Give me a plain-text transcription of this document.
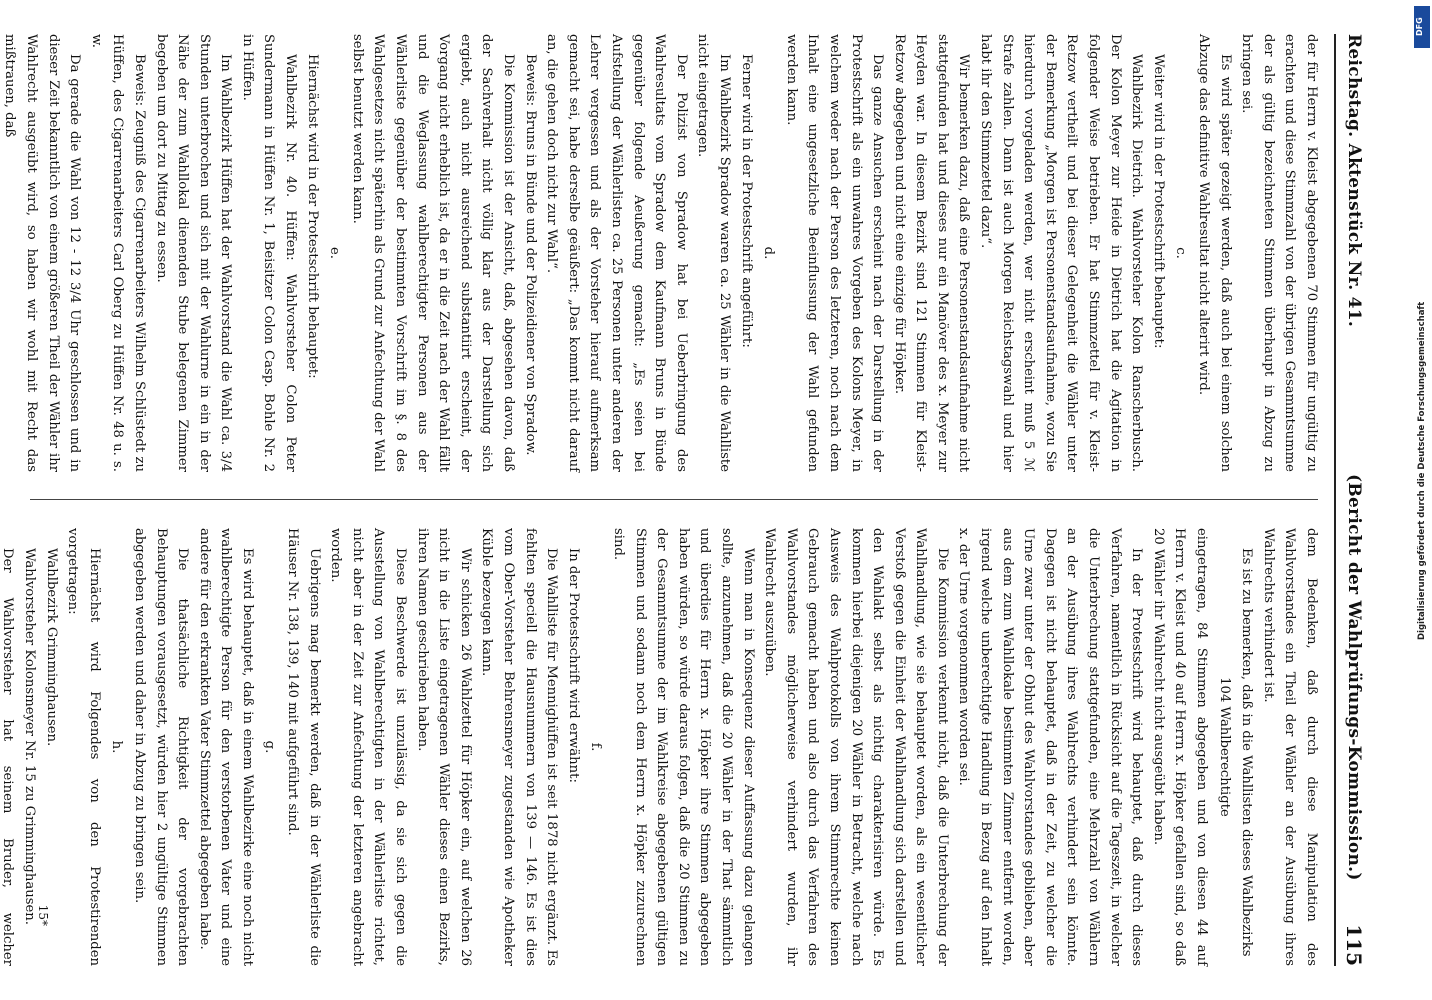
Reichstag. Aktenstück Nr. 41.
(Bericht der Wahlprüfungs-Kommission.)
115

der für Herrn v. Kleist abgegebenen 70 Stimmen für ungültig zu erachten und diese Stimmzahl von der übrigen Gesammtsumme der als gültig bezeichneten Stimmen überhaupt in Abzug zu bringen sei.

Es wird später gezeigt werden, daß auch bei einem solchen Abzuge das definitive Wahlresultat nicht alterirt wird.

c.

Weiter wird in der Protestschrift behauptet:

Wahlbezirk Dietrich. Wahlvorsteher Kolon Ranscherbusch. Der Kolon Meyer zur Heide in Dietrich hat die Agitation in folgender Weise betrieben. Er hat Stimmzettel für v. Kleist-Retzow vertheilt und bei dieser Gelegenheit die Wähler unter der Bemerkung „Morgen ist Personenstandsaufnahme, wozu Sie hierdurch vorgeladen werden, wer nicht erscheint muß 5 ℳ Strafe zahlen. Dann ist auch Morgen Reichstagswahl und hier habt ihr den Stimmzettel dazu“.

Wir bemerken dazu, daß eine Personenstandsaufnahme nicht stattgefunden hat und dieses nur ein Manöver des x. Meyer zur Heyden war. In diesem Bezirk sind 121 Stimmen für Kleist-Retzow abgegeben und nicht eine einzige für Höpker.

Das ganze Ansuchen erscheint nach der Darstellung in der Protestschrift als ein unwahres Vorgeben des Kolons Meyer, in welchem weder nach der Person des letzteren, noch nach dem Inhalt eine ungesetzliche Beeinflussung der Wahl gefunden werden kann.

d.

Ferner wird in der Protestschrift angeführt:

Im Wahlbezirk Spradow waren ca. 25 Wähler in die Wahlliste nicht eingetragen.

Der Polizist von Spradow hat bei Ueberbringung des Wahlresultats vom Spradow dem Kaufmann Bruns in Bünde gegenüber folgende Aeußerung gemacht: „Es seien bei Aufstellung der Wählerlisten ca. 25 Personen unter anderen der Lehrer vergessen und als der Vorsteher hierauf aufmerksam gemacht sei, habe derselbe geäußert: „Das kommt nicht darauf an, die gehen doch nicht zur Wahl“.

Beweis: Bruns in Bünde und der Polizeidiener von Spradow.

Die Kommission ist der Ansicht, daß, abgesehen davon, daß der Sachverhalt nicht völlig klar aus der Darstellung sich ergiebt, auch nicht ausreichend substantiirt erscheint, der Vorgang nicht erheblich ist, da er in die Zeit nach der Wahl fällt und die Weglassung wahlberechtigter Personen aus der Wählerliste gegenüber der bestimmten Vorschrift im §. 8 des Wahlgesetzes nicht späterhin als Grund zur Anfechtung der Wahl selbst benutzt werden kann.

e.

Hiernächst wird in der Protestschrift behauptet:

Wahlbezirk Nr. 40. Hüffen: Wahlvorsteher Colon Peter Sundermann in Hüffen Nr. 1, Beisitzer Colon Casp. Bohle Nr. 2 in Hüffen.

Im Wahlbezirk Hüffen hat der Wahlvorstand die Wahl ca. 3/4 Stunden unterbrochen und sich mit der Wahlurne in ein in der Nähe der zum Wahllokal dienenden Stube belegenen Zimmer begeben um dort zu Mittag zu essen.

Beweis: Zeugniß des Cigarrenarbeiters Wilhelm Schlüstedt zu Hüffen, des Cigarrenarbeiters Carl Oberg zu Hüffen Nr. 48 u. s. w.

Da gerade die Wahl von 12 - 12 3/4 Uhr geschlossen und in dieser Zeit bekanntlich von einem größeren Theil der Wähler ihr Wahlrecht ausgeübt wird, so haben wir wohl mit Recht das mißtrauen, daß

dem Bedenken, daß durch diese Manipulation des Wahlvorstandes ein Theil der Wähler an der Ausübung ihres Wahlrechts verhindert ist.

Es ist zu bemerken, daß in die Wahllisten dieses Wahlbezirks

104 Wahlberechtigte

eingetragen, 84 Stimmen abgegeben und von diesen 44 auf Herrn v. Kleist und 40 auf Herrn x. Höpker gefallen sind, so daß 20 Wähler ihr Wahlrecht nicht ausgeübt haben.

In der Protestschrift wird behauptet, daß durch dieses Verfahren, namentlich in Rücksicht auf die Tageszeit, in welcher die Unterbrechung stattgefunden, eine Mehrzahl von Wählern an der Ausübung ihres Wahlrechts verhindert sein könnte. Dagegen ist nicht behauptet, daß in der Zeit, zu welcher die Urne zwar unter der Obhut des Wahlvorstandes geblieben, aber aus dem zum Wahllokale bestimmten Zimmer entfernt worden, irgend welche unberechtigte Handlung in Bezug auf den Inhalt x. der Urne vorgenommen worden sei.

Die Kommission verkennt nicht, daß die Unterbrechung der Wahlhandlung, wie sie behauptet worden, als ein wesentlicher Verstoß gegen die Einheit der Wahlhandlung sich darstellen und den Wahlakt selbst als nichtig charakterisiren würde. Es kommen hierbei diejenigen 20 Wähler in Betracht, welche nach Ausweis des Wahlprotokolls von ihrem Stimmrechte keinen Gebrauch gemacht haben und also durch das Verfahren des Wahlvorstandes möglicherweise verhindert wurden, ihr Wahlrecht auszuüben.

Wenn man in Konsequenz dieser Auffassung dazu gelangen sollte, anzunehmen, daß die 20 Wähler in der That sämmtlich und überdies für Herrn x. Höpker ihre Stimmen abgegeben haben würden, so würde daraus folgen, daß die 20 Stimmen zu der Gesammtsumme der im Wahlkreise abgegebenen gültigen Stimmen und sodann noch dem Herrn x. Höpker zuzurechnen sind.

f.

In der Protestschrift wird erwähnt:

Die Wahlliste für Mennighüffen ist seit 1878 nicht ergänzt. Es fehlten speciell die Hausnummern von 139 — 146. Es ist dies vom Ober-Vorsteher Behrensmeyer zugestanden wie Apotheker Küble bezeugen kann.

Wir schicken 26 Wahlzettel für Höpker ein, auf welchen 26 nicht in die Liste eingetragenen Wähler dieses einen Bezirks, ihren Namen geschrieben haben.

Diese Beschwerde ist unzulässig, da sie sich gegen die Ausstellung von Wahlberechtigten in der Wählerliste richtet, nicht aber in der Zeit zur Anfechtung der letzteren angebracht worden.

Uebrigens mag bemerkt werden, daß in der Wählerliste die Häuser Nr. 138, 139, 140 mit aufgeführt sind.

g.

Es wird behauptet, daß in einem Wahlbezirke eine noch nicht wahlberechtigte Person für den verstorbenen Vater und eine andere für den erkrankten Vater Stimmzettel abgegeben habe.

Die thatsächliche Richtigkeit der vorgebrachten Behauptungen vorausgesetzt, würden hier 2 ungültige Stimmen abgegeben werden und daher in Abzug zu bringen sein.

h.

Hiernächst wird Folgendes von den Protestirenden vorgetragen:

Wahlbezirk Grimminghausen.

Wahlvorsteher Kolonsmeyer Nr. 15 zu Grimminghausen.

Der Wahlvorsteher hat seinem Bruder, welcher 15*
DFG
Digitalisierung gefördert durch die Deutsche Forschungsgemeinschaft
